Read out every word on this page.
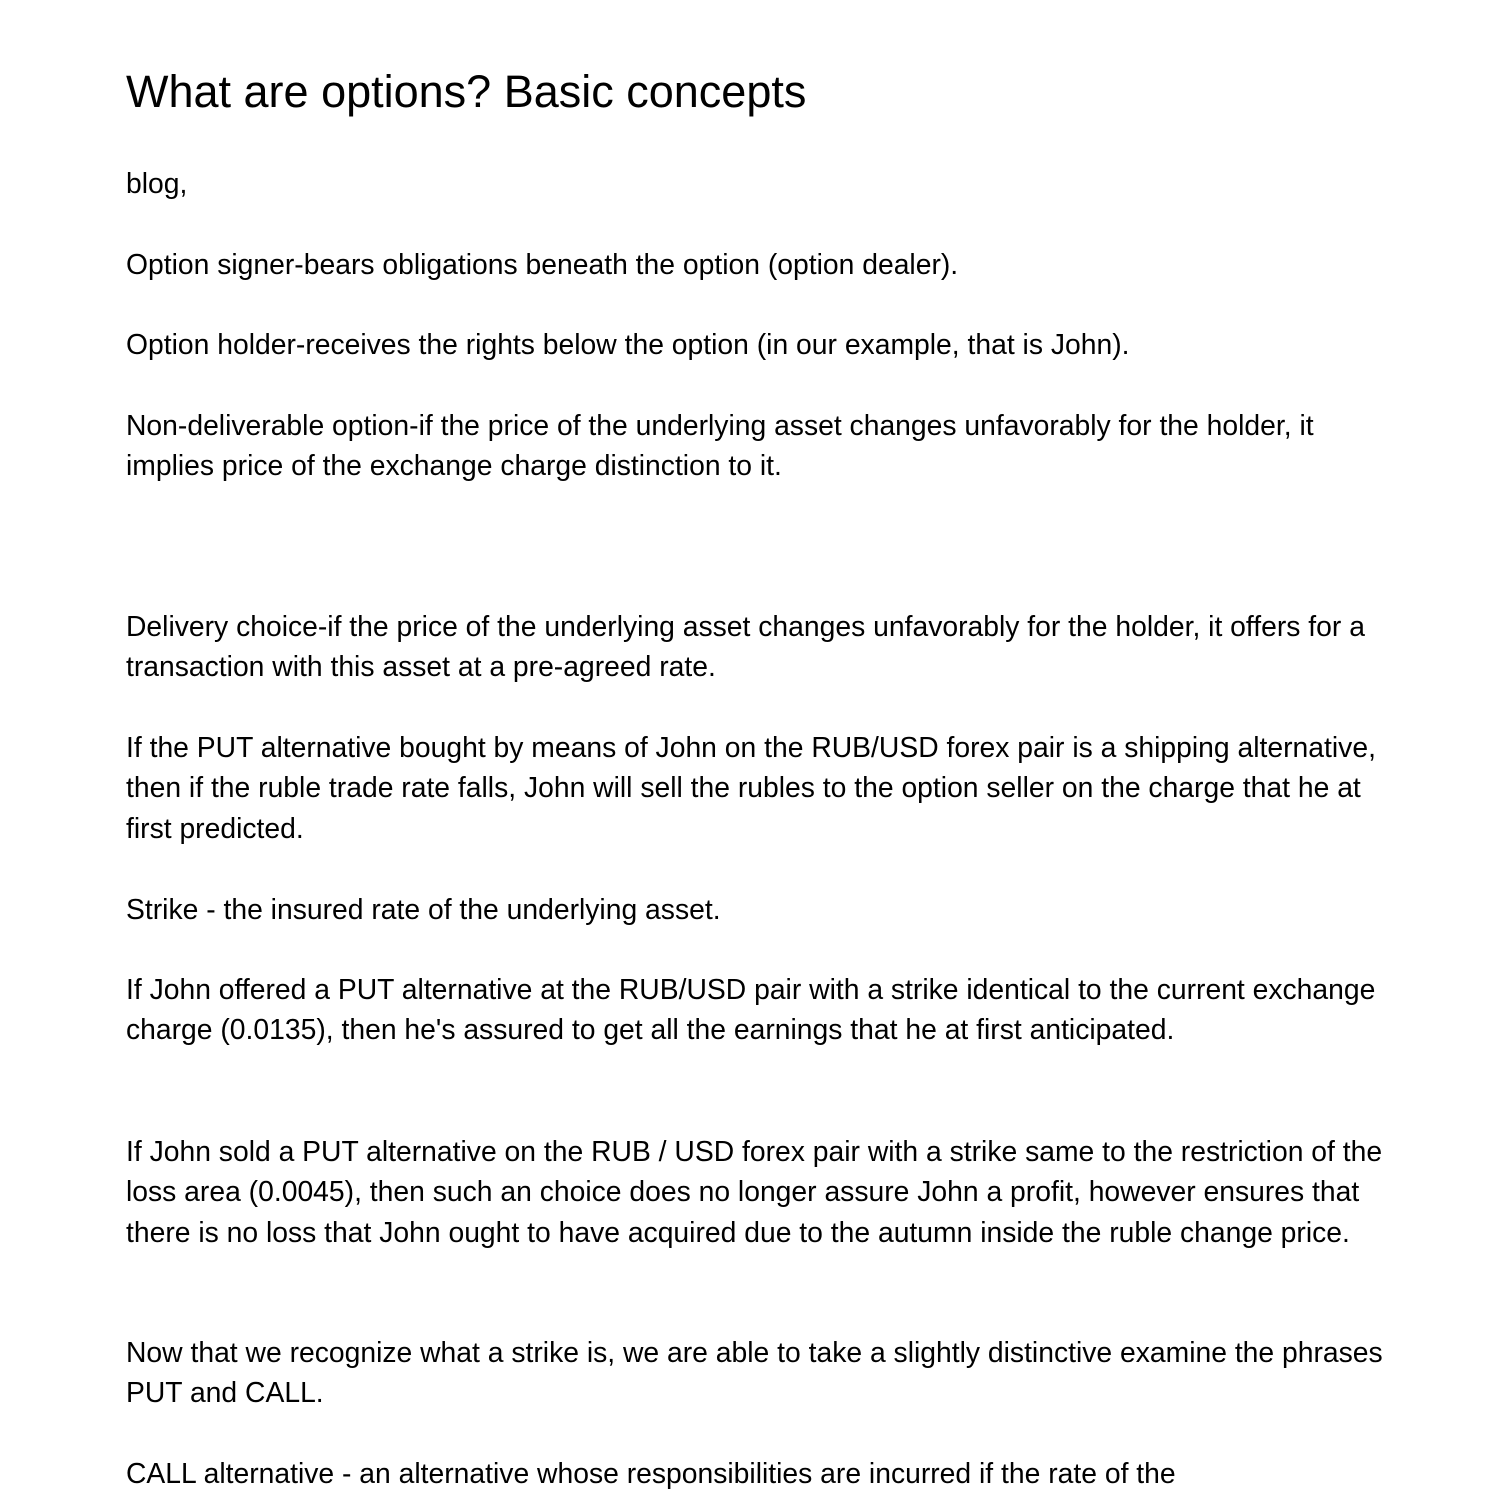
What are options? Basic concepts

blog,

Option signer-bears obligations beneath the option (option dealer).

Option holder-receives the rights below the option (in our example, that is John).

Non-deliverable option-if the price of the underlying asset changes unfavorably for the holder, it implies price of the exchange charge distinction to it.

Delivery choice-if the price of the underlying asset changes unfavorably for the holder, it offers for a transaction with this asset at a pre-agreed rate.

If the PUT alternative bought by means of John on the RUB/USD forex pair is a shipping alternative, then if the ruble trade rate falls, John will sell the rubles to the option seller on the charge that he at first predicted.

Strike - the insured rate of the underlying asset.

If John offered a PUT alternative at the RUB/USD pair with a strike identical to the current exchange charge (0.0135), then he's assured to get all the earnings that he at first anticipated.

If John sold a PUT alternative on the RUB / USD forex pair with a strike same to the restriction of the loss area (0.0045), then such an choice does no longer assure John a profit, however ensures that there is no loss that John ought to have acquired due to the autumn inside the ruble change price.

Now that we recognize what a strike is, we are able to take a slightly distinctive examine the phrases PUT and CALL.

CALL alternative - an alternative whose responsibilities are incurred if the rate of the
